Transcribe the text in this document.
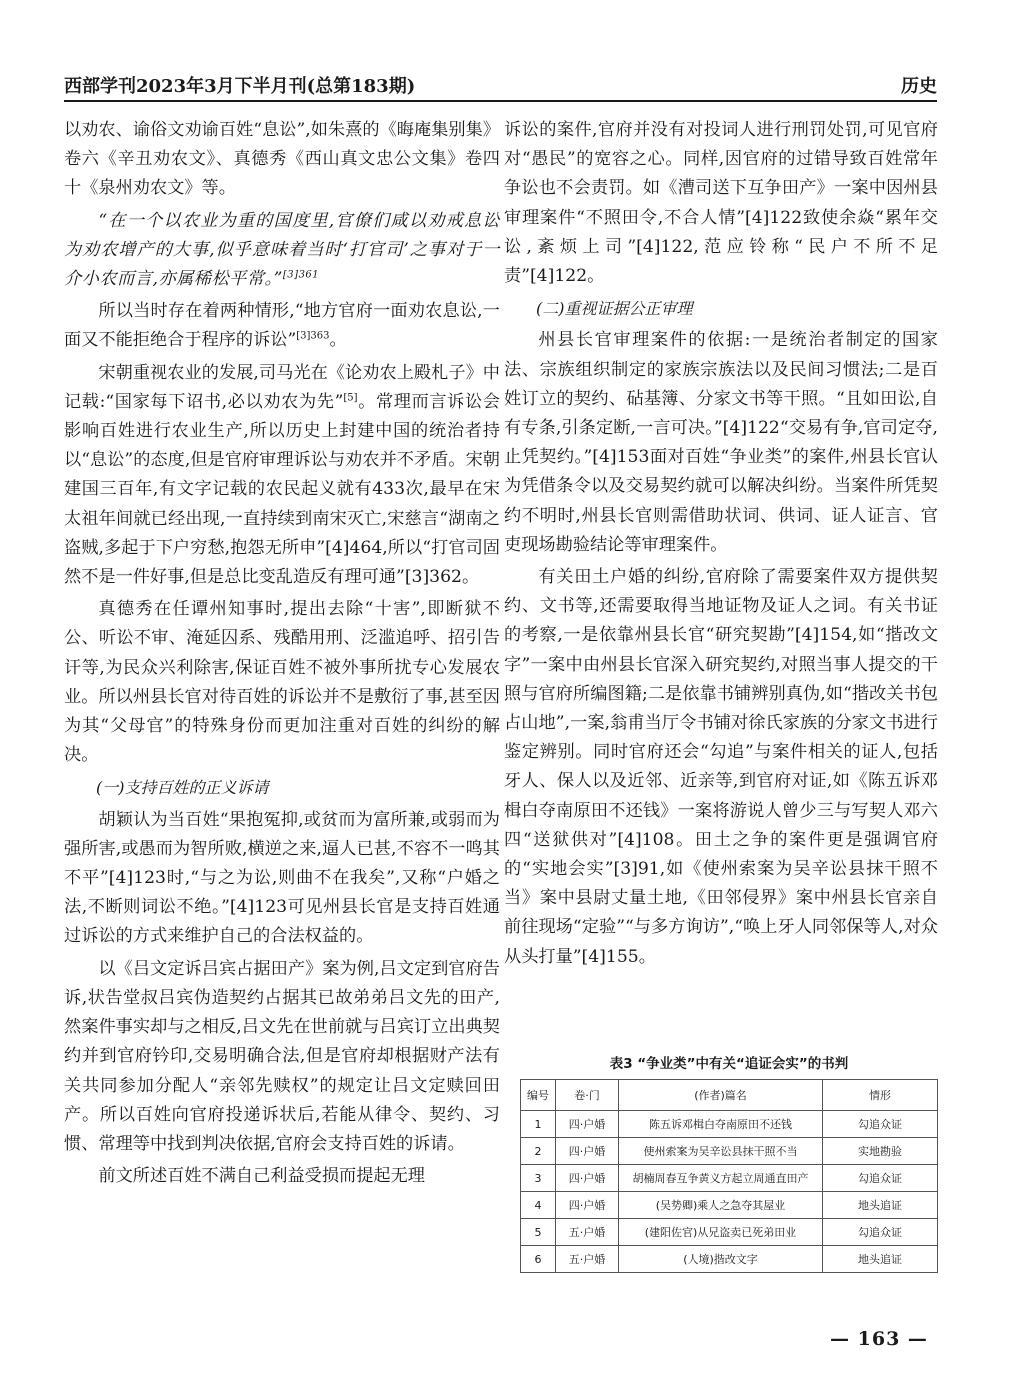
西部学刊2023年3月下半月刊(总第183期)	历史

以劝农、谕俗文劝谕百姓“息讼”,如朱熹的《晦庵集别集》卷六《辛丑劝农文》、真德秀《西山真文忠公文集》卷四十《泉州劝农文》等。

“在一个以农业为重的国度里,官僚们咸以劝戒息讼为劝农增产的大事,似乎意味着当时‘打官司’之事对于一介小农而言,亦属稀松平常。”$^{[3]361}$

所以当时存在着两种情形,“地方官府一面劝农息讼,一面又不能拒绝合于程序的诉讼”$^{[3]363}$。

宋朝重视农业的发展,司马光在《论劝农上殿札子》中记载:“国家每下诏书,必以劝农为先”[5]。常理而言诉讼会影响百姓进行农业生产,所以历史上封建中国的统治者持以“息讼”的态度,但是官府审理诉讼与劝农并不矛盾。宋朝建国三百年,有文字记载的农民起义就有433次,最早在宋太祖年间就已经出现,一直持续到南宋灭亡,宋慈言“湖南之盗贼,多起于下户穷愁,抱怨无所申”[4]464,所以“打官司固然不是一件好事,但是总比变乱造反有理可通”[3]362。

真德秀在任谭州知事时,提出去除“十害”,即断狱不公、听讼不审、淹延囚系、残酷用刑、泛滥追呼、招引告讦等,为民众兴利除害,保证百姓不被外事所扰专心发展农业。所以州县长官对待百姓的诉讼并不是敷衍了事,甚至因为其“父母官”的特殊身份而更加注重对百姓的纠纷的解决。

(一)支持百姓的正义诉请

胡颖认为当百姓“果抱冤抑,或贫而为富所兼,或弱而为强所害,或愚而为智所败,横逆之来,逼人已甚,不容不一鸣其不平”[4]123时,“与之为讼,则曲不在我矣”,又称“户婚之法,不断则词讼不绝。”[4]123可见州县长官是支持百姓通过诉讼的方式来维护自己的合法权益的。

以《吕文定诉吕宾占据田产》案为例,吕文定到官府告诉,状告堂叔吕宾伪造契约占据其已故弟弟吕文先的田产,然案件事实却与之相反,吕文先在世前就与吕宾订立出典契约并到官府钤印,交易明确合法,但是官府却根据财产法有关共同参加分配人“亲邻先赎权”的规定让吕文定赎回田产。所以百姓向官府投递诉状后,若能从律令、契约、习惯、常理等中找到判决依据,官府会支持百姓的诉请。

前文所述百姓不满自己利益受损而提起无理

诉讼的案件,官府并没有对投词人进行刑罚处罚,可见官府对“愚民”的宽容之心。同样,因官府的过错导致百姓常年争讼也不会责罚。如《漕司送下互争田产》一案中因州县审理案件“不照田令,不合人情”[4]122致使余焱“累年交讼,紊烦上司”[4]122,范应铃称“民户不所不足责”[4]122。

(二)重视证据公正审理

州县长官审理案件的依据:一是统治者制定的国家法、宗族组织制定的家族宗族法以及民间习惯法;二是百姓订立的契约、砧基簿、分家文书等干照。“且如田讼,自有专条,引条定断,一言可决。”[4]122“交易有争,官司定夺,止凭契约。”[4]153面对百姓“争业类”的案件,州县长官认为凭借条令以及交易契约就可以解决纠纷。当案件所凭契约不明时,州县长官则需借助状词、供词、证人证言、官吏现场勘验结论等审理案件。

有关田土户婚的纠纷,官府除了需要案件双方提供契约、文书等,还需要取得当地证物及证人之词。有关书证的考察,一是依靠州县长官“研究契勘”[4]154,如“揩改文字”一案中由州县长官深入研究契约,对照当事人提交的干照与官府所编图籍;二是依靠书铺辨别真伪,如“揩改关书包占山地”,一案,翁甫当厅令书铺对徐氏家族的分家文书进行鉴定辨别。同时官府还会“勾追”与案件相关的证人,包括牙人、保人以及近邻、近亲等,到官府对证,如《陈五诉邓楫白夺南原田不还钱》一案将游说人曾少三与写契人邓六四“送狱供对”[4]108。田土之争的案件更是强调官府的“实地会实”[3]91,如《使州索案为吴辛讼县抹干照不当》案中县尉丈量土地,《田邻侵界》案中州县长官亲自前往现场“定验”“与多方询访”,“唤上牙人同邻保等人,对众从头打量”[4]155。

表3 “争业类”中有关“追证会实”的书判
编号	卷·门	(作者)篇名	情形
1	四·户婚	陈五诉邓楫白夺南原田不还钱	勾追众证
2	四·户婚	使州索案为吴辛讼县抹干照不当	实地勘验
3	四·户婚	胡楠周春互争黄义方起立周通直田产	勾追众证
4	四·户婚	(吴势卿)乘人之急夺其屋业	地头追证
5	五·户婚	(建阳佐官)从兄盗卖已死弟田业	勾追众证
6	五·户婚	(人境)揩改文字	地头追证
— 163 —
